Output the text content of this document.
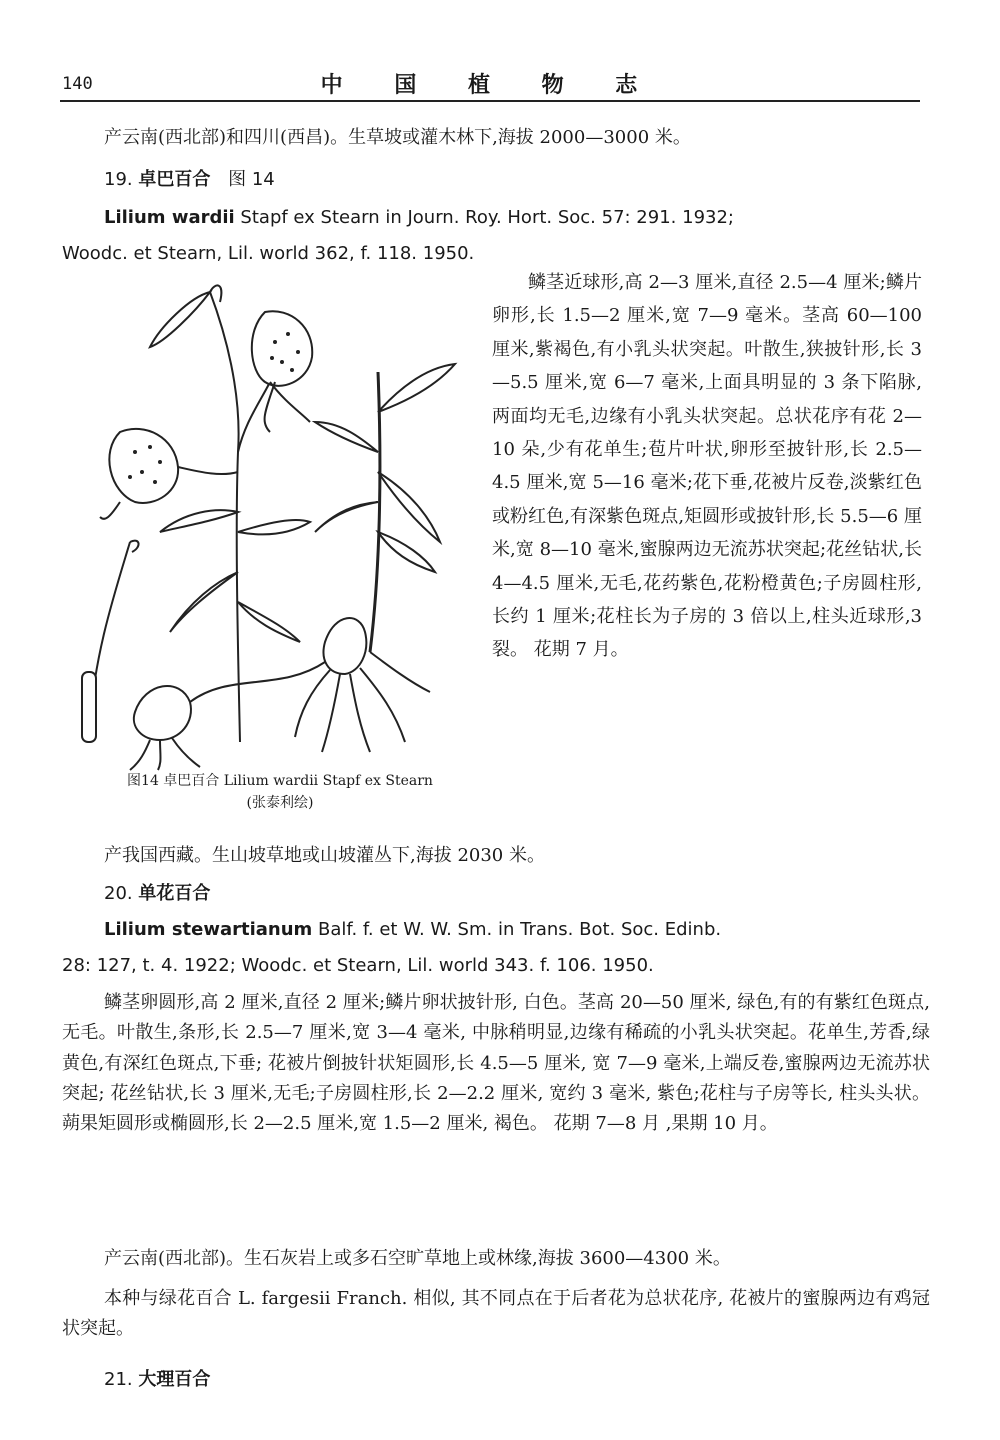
140	中 国 植 物 志
产云南(西北部)和四川(西昌)。生草坡或灌木林下,海拔 2000—3000 米。
19. 卓巴百合 图 14
Lilium wardii Stapf ex Stearn in Journ. Roy. Hort. Soc. 57: 291. 1932;
Woodc. et Stearn, Lil. world 362, f. 118. 1950.
图14 卓巴百合 Lilium wardii Stapf ex Stearn
(张泰利绘)

鳞茎近球形,高 2—3 厘米,直径 2.5—4 厘米;鳞片卵形,长 1.5—2 厘米,宽 7—9 毫米。茎高 60—100 厘米,紫褐色,有小乳头状突起。叶散生,狭披针形,长 3—5.5 厘米,宽 6—7 毫米,上面具明显的 3 条下陷脉, 两面均无毛,边缘有小乳头状突起。总状花序有花 2—10 朵,少有花单生;苞片叶状,卵形至披针形,长 2.5—4.5 厘米,宽 5—16 毫米;花下垂,花被片反卷,淡紫红色或粉红色,有深紫色斑点,矩圆形或披针形,长 5.5—6 厘米,宽 8—10 毫米,蜜腺两边无流苏状突起;花丝钻状,长 4—4.5 厘米,无毛,花药紫色,花粉橙黄色;子房圆柱形,长约 1 厘米;花柱长为子房的 3 倍以上,柱头近球形,3 裂。 花期 7 月。

产我国西藏。生山坡草地或山坡灌丛下,海拔 2030 米。
20. 单花百合
Lilium stewartianum Balf. f. et W. W. Sm. in Trans. Bot. Soc. Edinb.
28: 127, t. 4. 1922; Woodc. et Stearn, Lil. world 343. f. 106. 1950.

鳞茎卵圆形,高 2 厘米,直径 2 厘米;鳞片卵状披针形, 白色。茎高 20—50 厘米, 绿色,有的有紫红色斑点,无毛。叶散生,条形,长 2.5—7 厘米,宽 3—4 毫米, 中脉稍明显,边缘有稀疏的小乳头状突起。花单生,芳香,绿黄色,有深红色斑点,下垂; 花被片倒披针状矩圆形,长 4.5—5 厘米, 宽 7—9 毫米,上端反卷,蜜腺两边无流苏状突起; 花丝钻状,长 3 厘米,无毛;子房圆柱形,长 2—2.2 厘米, 宽约 3 毫米, 紫色;花柱与子房等长, 柱头头状。蒴果矩圆形或椭圆形,长 2—2.5 厘米,宽 1.5—2 厘米, 褐色。 花期 7—8 月 ,果期 10 月。

产云南(西北部)。生石灰岩上或多石空旷草地上或林缘,海拔 3600—4300 米。

本种与绿花百合 L. fargesii Franch. 相似, 其不同点在于后者花为总状花序, 花被片的蜜腺两边有鸡冠状突起。

21. 大理百合
